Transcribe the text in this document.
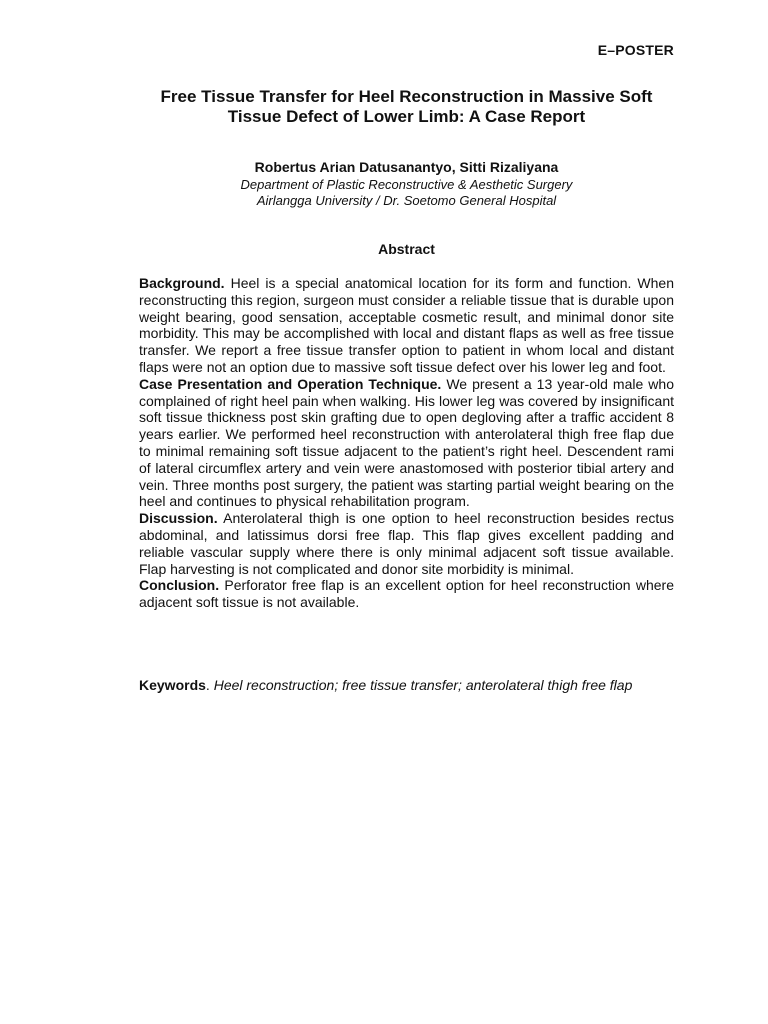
E–POSTER
Free Tissue Transfer for Heel Reconstruction in Massive Soft Tissue Defect of Lower Limb: A Case Report
Robertus Arian Datusanantyo, Sitti Rizaliyana
Department of Plastic Reconstructive & Aesthetic Surgery
Airlangga University / Dr. Soetomo General Hospital
Abstract

Background. Heel is a special anatomical location for its form and function. When reconstructing this region, surgeon must consider a reliable tissue that is durable upon weight bearing, good sensation, acceptable cosmetic result, and minimal donor site morbidity. This may be accomplished with local and distant flaps as well as free tissue transfer. We report a free tissue transfer option to patient in whom local and distant flaps were not an option due to massive soft tissue defect over his lower leg and foot.

Case Presentation and Operation Technique. We present a 13 year-old male who complained of right heel pain when walking. His lower leg was covered by insignificant soft tissue thickness post skin grafting due to open degloving after a traffic accident 8 years earlier. We performed heel reconstruction with anterolateral thigh free flap due to minimal remaining soft tissue adjacent to the patient’s right heel. Descendent rami of lateral circumflex artery and vein were anastomosed with posterior tibial artery and vein. Three months post surgery, the patient was starting partial weight bearing on the heel and continues to physical rehabilitation program.

Discussion. Anterolateral thigh is one option to heel reconstruction besides rectus abdominal, and latissimus dorsi free flap. This flap gives excellent padding and reliable vascular supply where there is only minimal adjacent soft tissue available. Flap harvesting is not complicated and donor site morbidity is minimal.

Conclusion. Perforator free flap is an excellent option for heel reconstruction where adjacent soft tissue is not available.

Keywords. Heel reconstruction; free tissue transfer; anterolateral thigh free flap
